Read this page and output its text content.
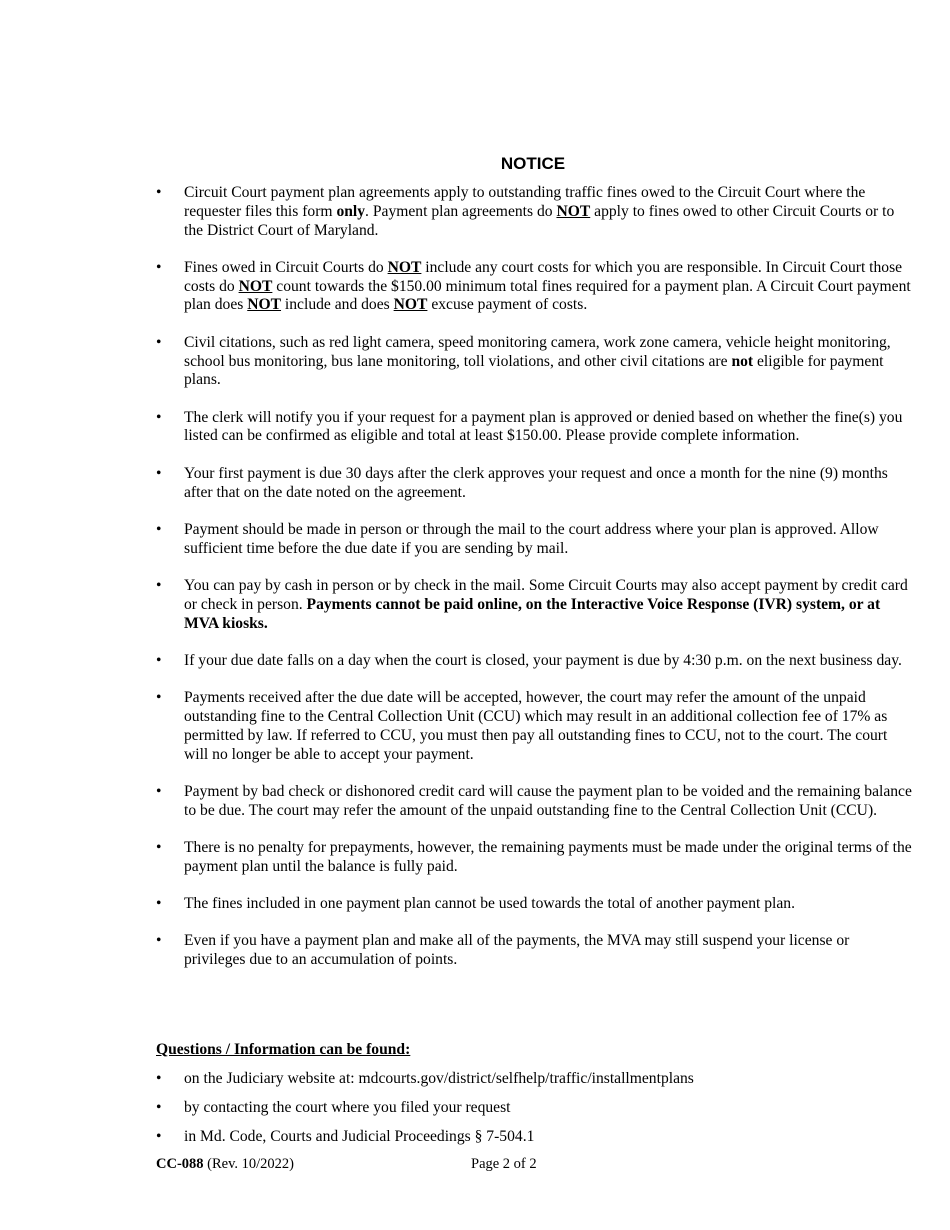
NOTICE
• Circuit Court payment plan agreements apply to outstanding traffic fines owed to the Circuit Court where the requester files this form only. Payment plan agreements do NOT apply to fines owed to other Circuit Courts or to the District Court of Maryland.
• Fines owed in Circuit Courts do NOT include any court costs for which you are responsible. In Circuit Court those costs do NOT count towards the $150.00 minimum total fines required for a payment plan. A Circuit Court payment plan does NOT include and does NOT excuse payment of costs.
• Civil citations, such as red light camera, speed monitoring camera, work zone camera, vehicle height monitoring, school bus monitoring, bus lane monitoring, toll violations, and other civil citations are not eligible for payment plans.
• The clerk will notify you if your request for a payment plan is approved or denied based on whether the fine(s) you listed can be confirmed as eligible and total at least $150.00. Please provide complete information.
• Your first payment is due 30 days after the clerk approves your request and once a month for the nine (9) months after that on the date noted on the agreement.
• Payment should be made in person or through the mail to the court address where your plan is approved. Allow sufficient time before the due date if you are sending by mail.
• You can pay by cash in person or by check in the mail. Some Circuit Courts may also accept payment by credit card or check in person. Payments cannot be paid online, on the Interactive Voice Response (IVR) system, or at MVA kiosks.
• If your due date falls on a day when the court is closed, your payment is due by 4:30 p.m. on the next business day.
• Payments received after the due date will be accepted, however, the court may refer the amount of the unpaid outstanding fine to the Central Collection Unit (CCU) which may result in an additional collection fee of 17% as permitted by law. If referred to CCU, you must then pay all outstanding fines to CCU, not to the court. The court will no longer be able to accept your payment.
• Payment by bad check or dishonored credit card will cause the payment plan to be voided and the remaining balance to be due. The court may refer the amount of the unpaid outstanding fine to the Central Collection Unit (CCU).
• There is no penalty for prepayments, however, the remaining payments must be made under the original terms of the payment plan until the balance is fully paid.
• The fines included in one payment plan cannot be used towards the total of another payment plan.
• Even if you have a payment plan and make all of the payments, the MVA may still suspend your license or privileges due to an accumulation of points.
Questions / Information can be found:
• on the Judiciary website at: mdcourts.gov/district/selfhelp/traffic/installmentplans
• by contacting the court where you filed your request
• in Md. Code, Courts and Judicial Proceedings § 7-504.1
CC-088 (Rev. 10/2022)	Page 2 of 2
